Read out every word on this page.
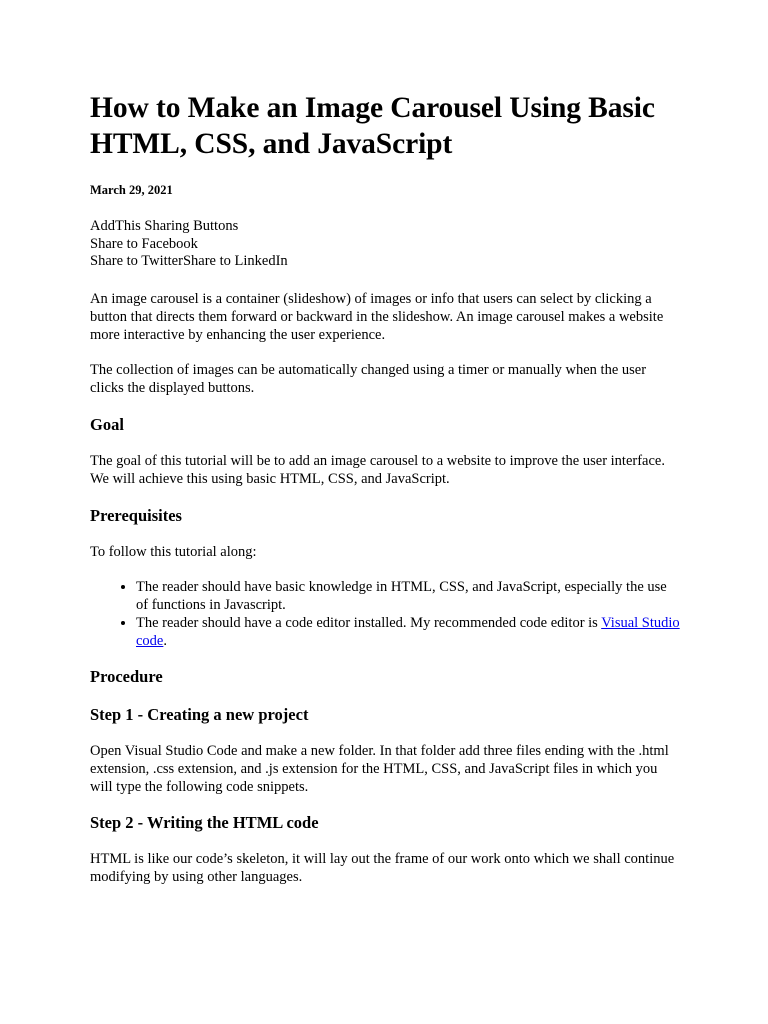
How to Make an Image Carousel Using Basic HTML, CSS, and JavaScript
March 29, 2021
AddThis Sharing Buttons
Share to Facebook
Share to TwitterShare to LinkedIn

An image carousel is a container (slideshow) of images or info that users can select by clicking a button that directs them forward or backward in the slideshow. An image carousel makes a website more interactive by enhancing the user experience.

The collection of images can be automatically changed using a timer or manually when the user clicks the displayed buttons.

Goal

The goal of this tutorial will be to add an image carousel to a website to improve the user interface. We will achieve this using basic HTML, CSS, and JavaScript.

Prerequisites

To follow this tutorial along:

• The reader should have basic knowledge in HTML, CSS, and JavaScript, especially the use of functions in Javascript.
• The reader should have a code editor installed. My recommended code editor is Visual Studio code.
Procedure
Step 1 - Creating a new project

Open Visual Studio Code and make a new folder. In that folder add three files ending with the .html extension, .css extension, and .js extension for the HTML, CSS, and JavaScript files in which you will type the following code snippets.

Step 2 - Writing the HTML code

HTML is like our code’s skeleton, it will lay out the frame of our work onto which we shall continue modifying by using other languages.
